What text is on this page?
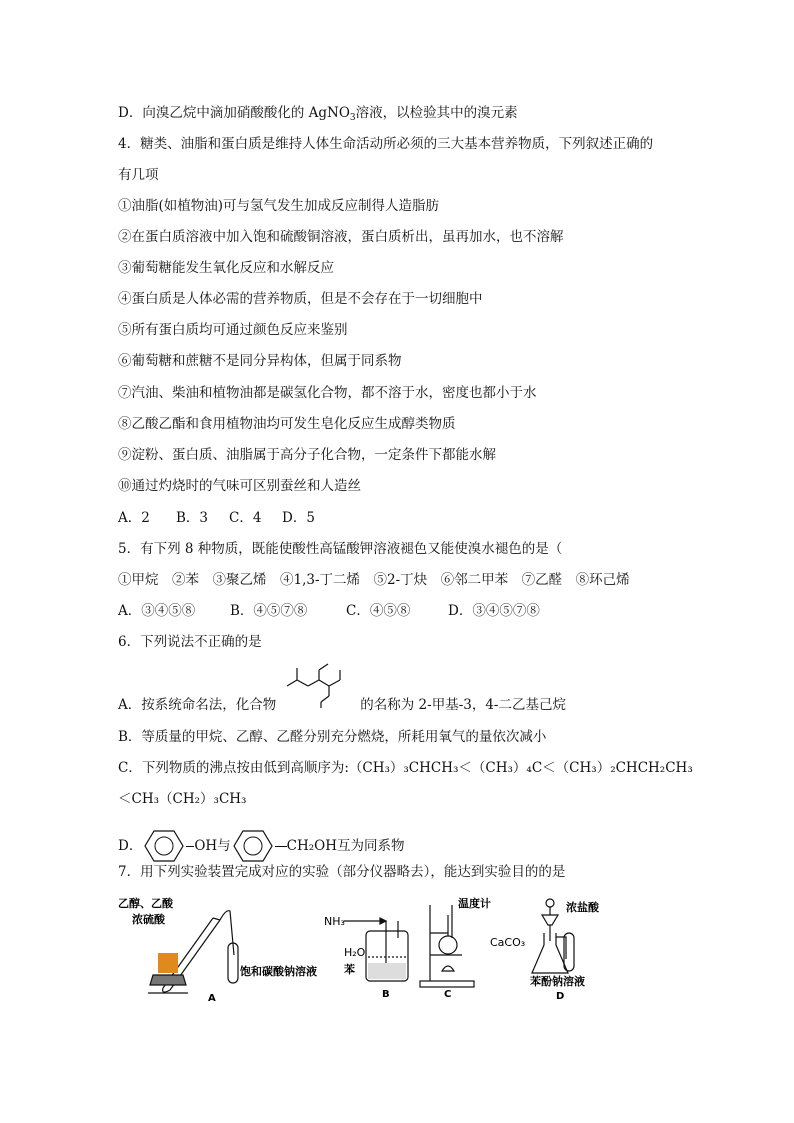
D．向溴乙烷中滴加硝酸酸化的 AgNO$_3$溶液，以检验其中的溴元素
4．糖类、油脂和蛋白质是维持人体生命活动所必须的三大基本营养物质，下列叙述正确的
有几项
①油脂(如植物油)可与氢气发生加成反应制得人造脂肪
②在蛋白质溶液中加入饱和硫酸铜溶液，蛋白质析出，虽再加水，也不溶解
③葡萄糖能发生氧化反应和水解反应
④蛋白质是人体必需的营养物质，但是不会存在于一切细胞中
⑤所有蛋白质均可通过颜色反应来鉴别
⑥葡萄糖和蔗糖不是同分异构体，但属于同系物
⑦汽油、柴油和植物油都是碳氢化合物，都不溶于水，密度也都小于水
⑧乙酸乙酯和食用植物油均可发生皂化反应生成醇类物质
⑨淀粉、蛋白质、油脂属于高分子化合物，一定条件下都能水解
⑩通过灼烧时的气味可区别蚕丝和人造丝
A．2 B．3 C．4 D．5
5．有下列 8 种物质，既能使酸性高锰酸钾溶液褪色又能使溴水褪色的是（
①甲烷　②苯　③聚乙烯　④1,3-丁二烯　⑤2-丁炔　⑥邻二甲苯　⑦乙醛　⑧环己烯
A．③④⑤⑧	B．④⑤⑦⑧	C．④⑤⑧	D．③④⑤⑦⑧
6．下列说法不正确的是
A．按系统命名法，化合物	的名称为 2-甲基-3，4-二乙基己烷
B．等质量的甲烷、乙醇、乙醛分别充分燃烧，所耗用氧气的量依次减小
C．下列物质的沸点按由低到高顺序为:（CH₃）₃CHCH₃＜（CH₃）₄C＜（CH₃）₂CHCH₂CH₃
＜CH₃（CH₂）₃CH₃
D．	OH 与	CH₂OH 互为同系物
7．用下列实验装置完成对应的实验（部分仪器略去），能达到实验目的的是
乙醇、乙酸
浓硫酸
饱和碳酸钠溶液
A
NH₃
H₂O
苯
B
温度计
C
浓盐酸
CaCO₃
苯酚钠溶液
D
